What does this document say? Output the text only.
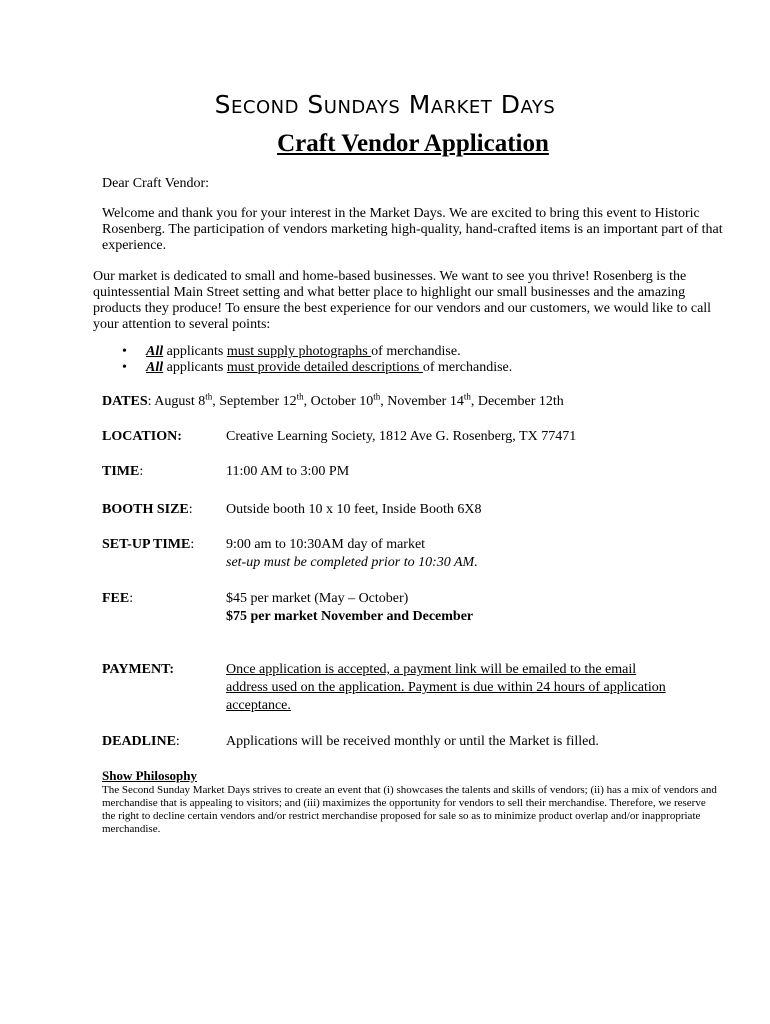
Second Sundays Market Days
Craft Vendor Application

Dear Craft Vendor:

Welcome and thank you for your interest in the Market Days. We are excited to bring this event to Historic Rosenberg. The participation of vendors marketing high-quality, hand-crafted items is an important part of that experience.

Our market is dedicated to small and home-based businesses. We want to see you thrive! Rosenberg is the quintessential Main Street setting and what better place to highlight our small businesses and the amazing products they produce! To ensure the best experience for our vendors and our customers, we would like to call your attention to several points:

• All applicants must supply photographs of merchandise.
• All applicants must provide detailed descriptions of merchandise.
DATES: August 8th, September 12th, October 10th, November 14th, December 12th
LOCATION:	Creative Learning Society, 1812 Ave G. Rosenberg, TX 77471
TIME:	11:00 AM to 3:00 PM
BOOTH SIZE:	Outside booth 10 x 10 feet, Inside Booth 6X8
SET-UP TIME:	9:00 am to 10:30AM day of market
set-up must be completed prior to 10:30 AM.
FEE:	$45 per market (May – October)
$75 per market November and December
PAYMENT:	Once application is accepted, a payment link will be emailed to the email address used on the application. Payment is due within 24 hours of application acceptance.
DEADLINE:	Applications will be received monthly or until the Market is filled.
Show Philosophy

The Second Sunday Market Days strives to create an event that (i) showcases the talents and skills of vendors; (ii) has a mix of vendors and merchandise that is appealing to visitors; and (iii) maximizes the opportunity for vendors to sell their merchandise. Therefore, we reserve the right to decline certain vendors and/or restrict merchandise proposed for sale so as to minimize product overlap and/or inappropriate merchandise.
